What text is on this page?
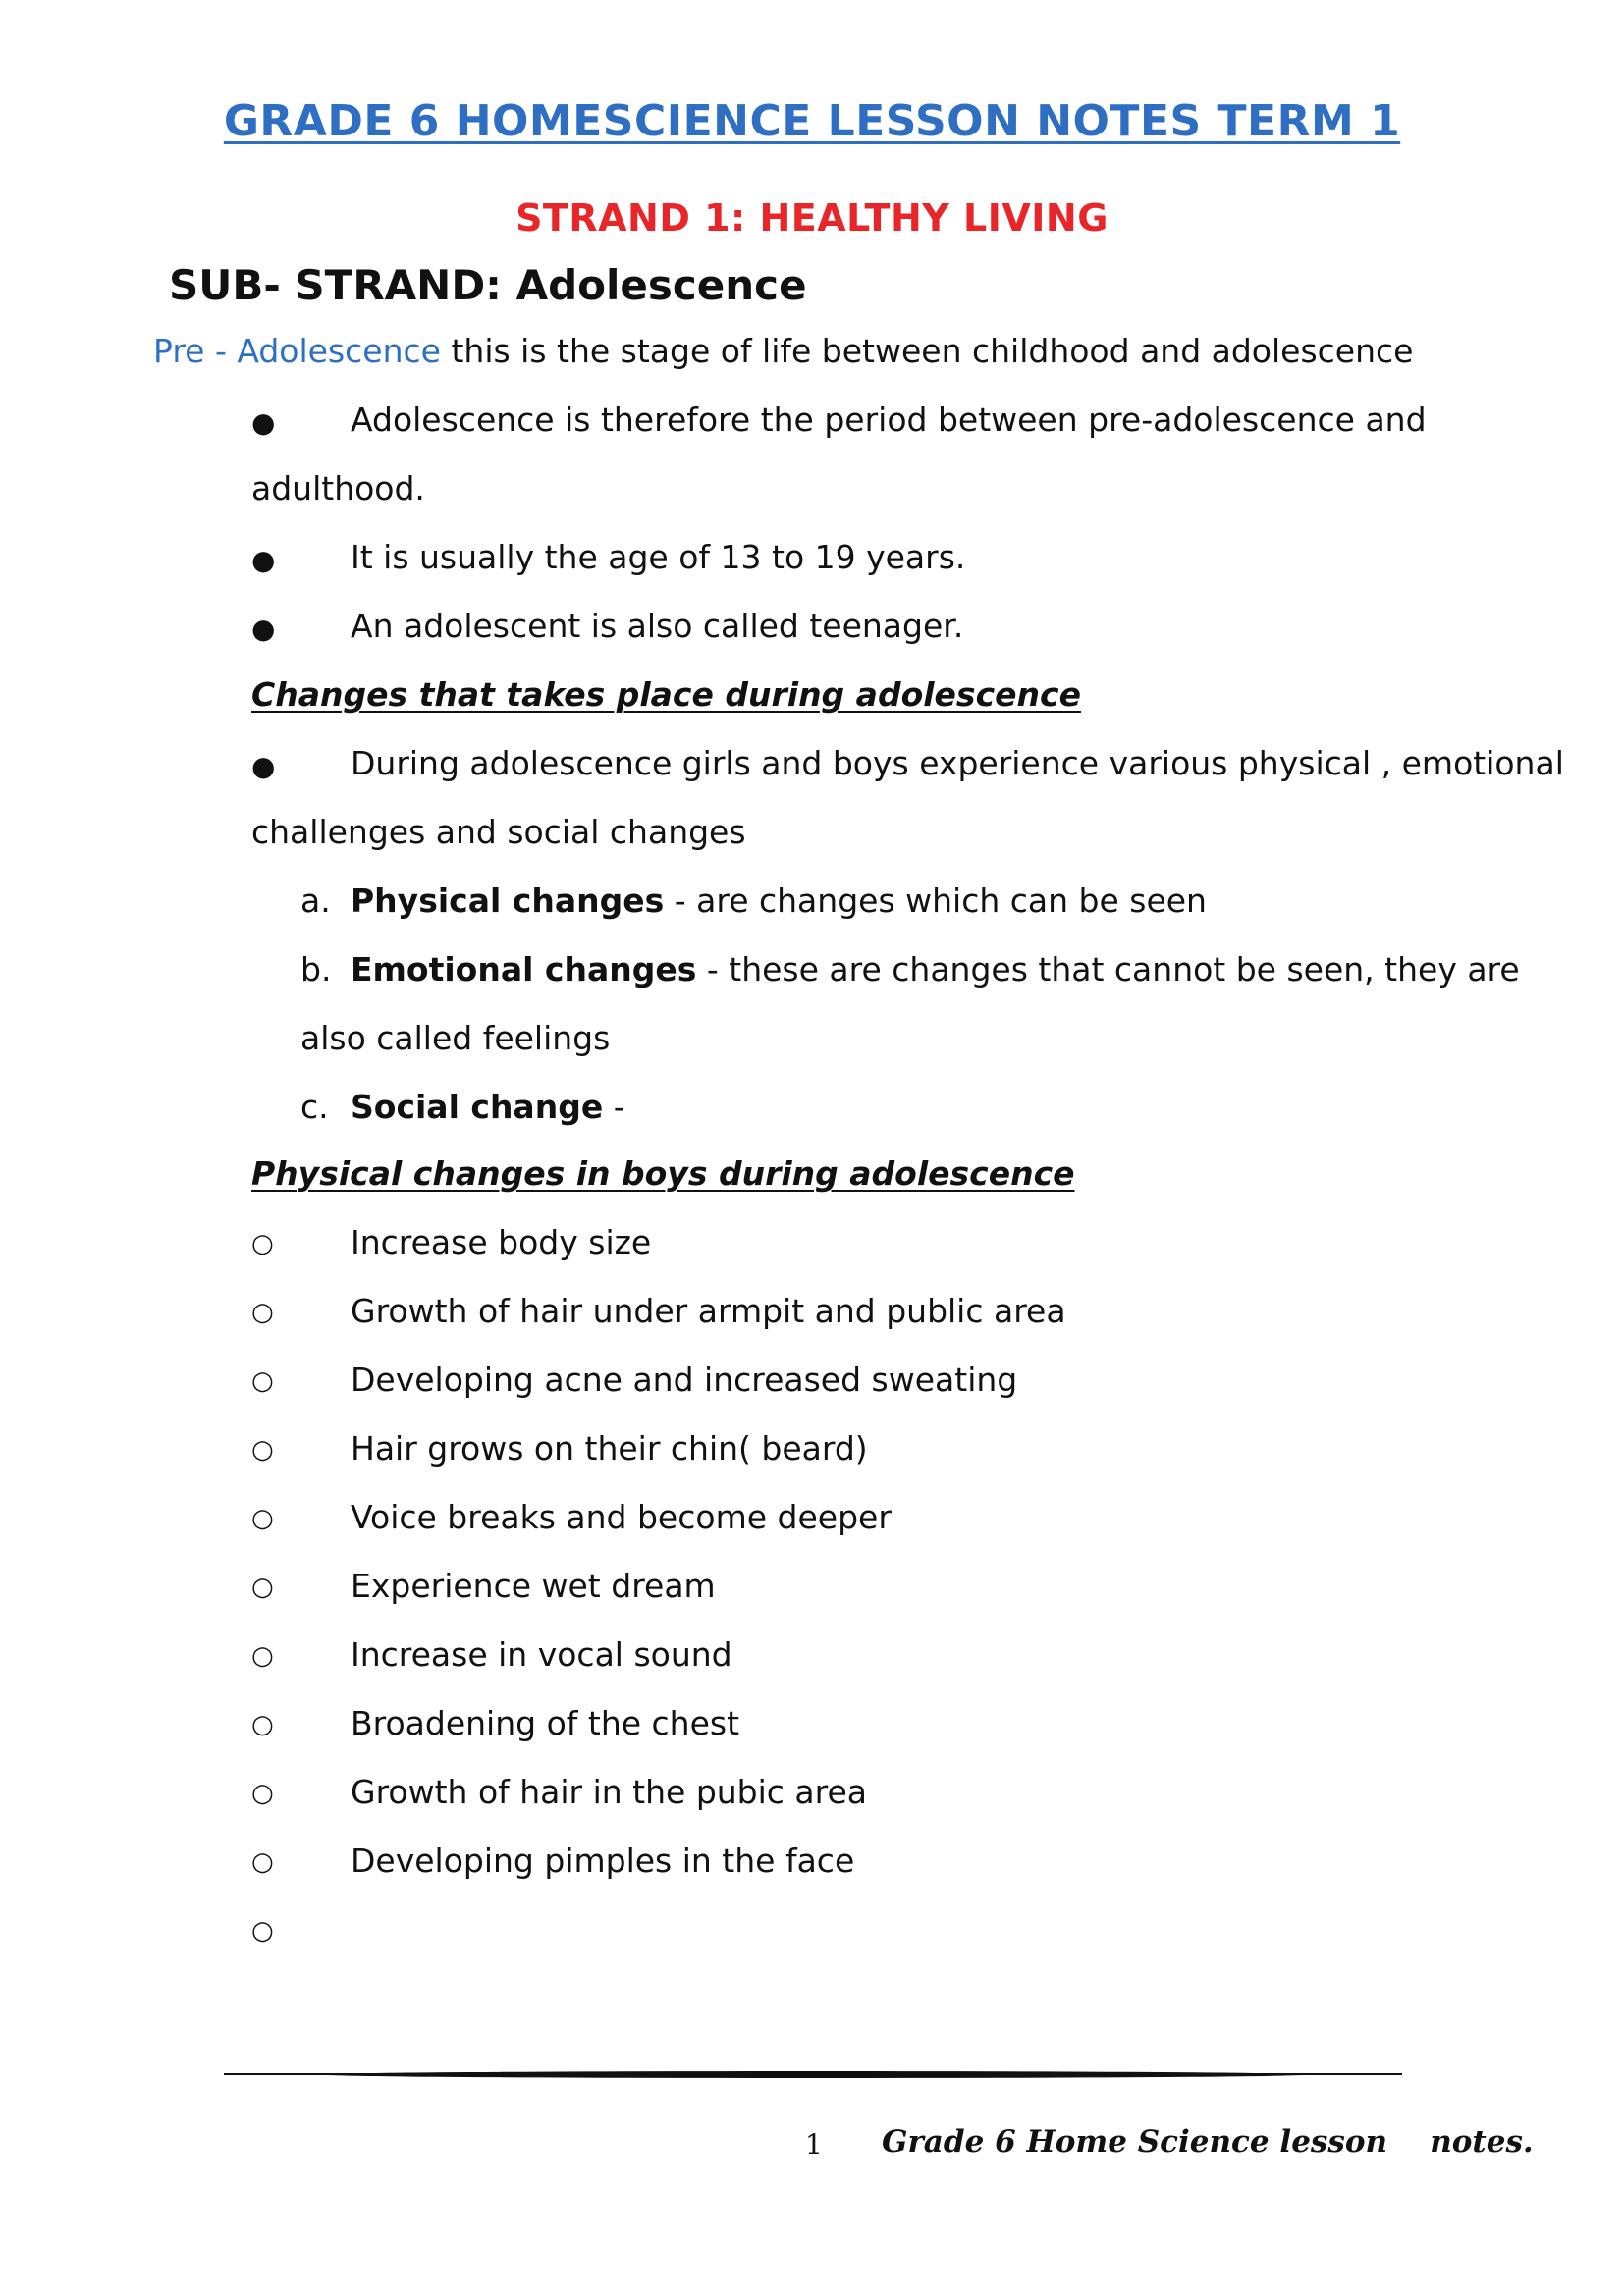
GRADE 6 HOMESCIENCE LESSON NOTES TERM 1
STRAND 1: HEALTHY LIVING
SUB- STRAND: Adolescence
Pre - Adolescence this is the stage of life between childhood and adolescence
● Adolescence is therefore the period between pre-adolescence and
adulthood.
● It is usually the age of 13 to 19 years.
● An adolescent is also called teenager.
Changes that takes place during adolescence
● During adolescence girls and boys experience various physical , emotional
challenges and social changes
a. Physical changes - are changes which can be seen
b. Emotional changes - these are changes that cannot be seen, they are
also called feelings
c. Social change -
Physical changes in boys during adolescence
○ Increase body size
○ Growth of hair under armpit and public area
○ Developing acne and increased sweating
○ Hair grows on their chin( beard)
○ Voice breaks and become deeper
○ Experience wet dream
○ Increase in vocal sound
○ Broadening of the chest
○ Growth of hair in the pubic area
○ Developing pimples in the face
○
1 Grade 6 Home Science lesson    notes.
